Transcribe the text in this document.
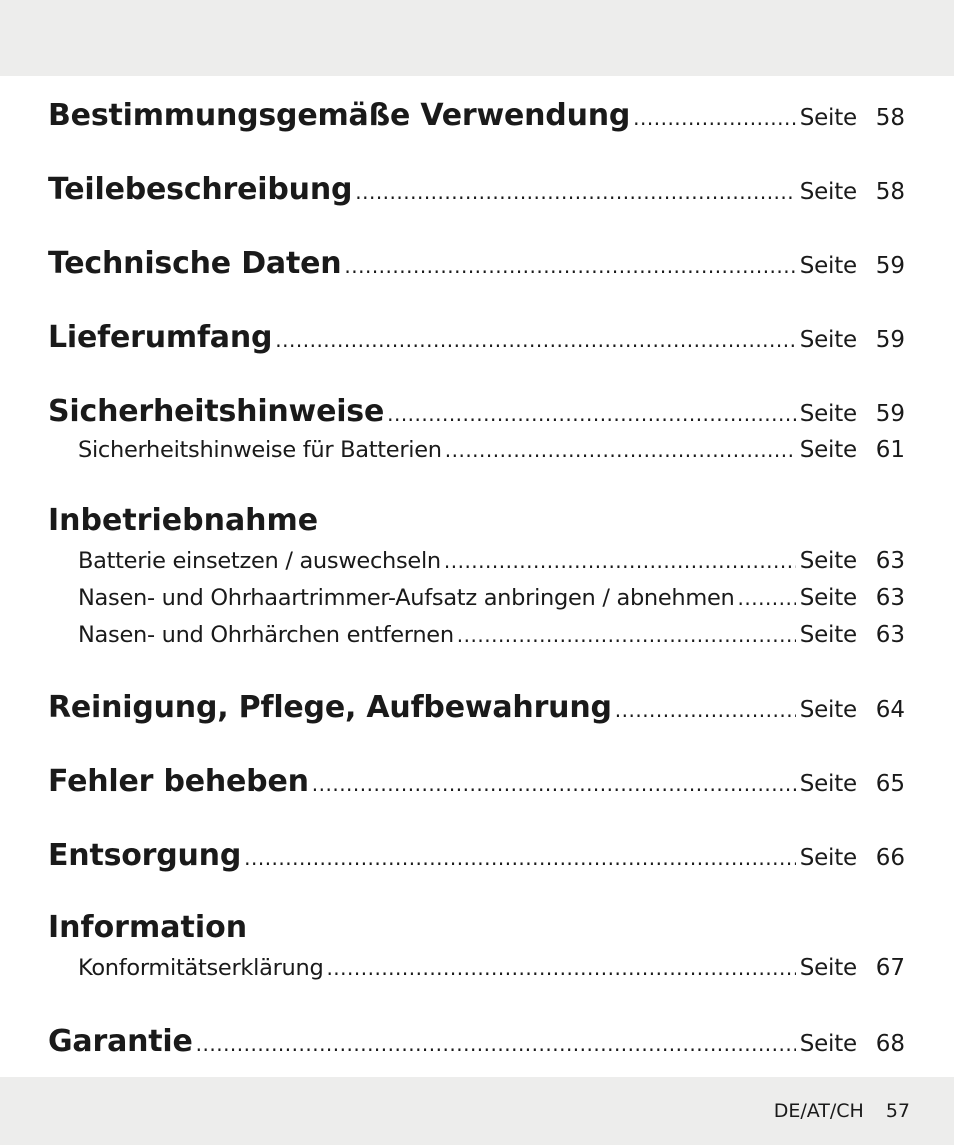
Bestimmungsgemäße Verwendung .....	Seite 58
Teilebeschreibung .....	Seite 58
Technische Daten .....	Seite 59
Lieferumfang .....	Seite 59
Sicherheitshinweise .....	Seite 59
Sicherheitshinweise für Batterien .....	Seite 61
Inbetriebnahme
Batterie einsetzen / auswechseln .....	Seite 63
Nasen- und Ohrhaartrimmer-Aufsatz anbringen / abnehmen .....	Seite 63
Nasen- und Ohrhärchen entfernen .....	Seite 63
Reinigung, Pflege, Aufbewahrung .....	Seite 64
Fehler beheben .....	Seite 65
Entsorgung .....	Seite 66
Information
Konformitätserklärung .....	Seite 67
Garantie .....	Seite 68
DE/AT/CH 57
